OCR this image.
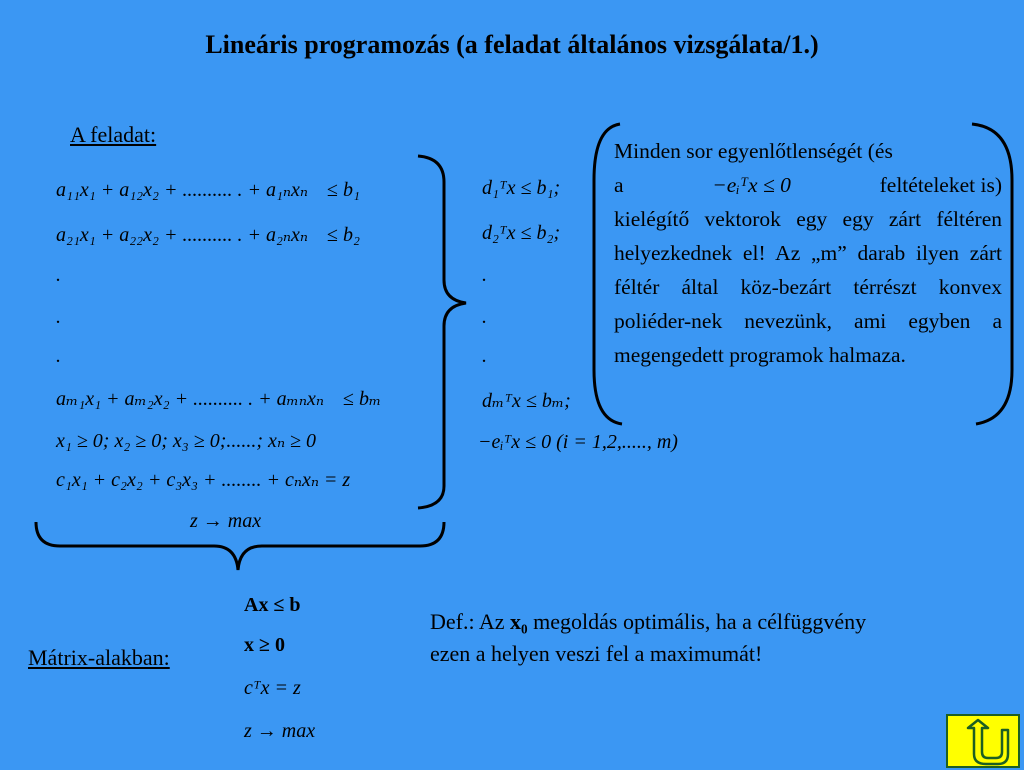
Lineáris programozás (a feladat általános vizsgálata/1.)
A feladat:
a₁₁x₁ + a₁₂x₂ + .......... . + a₁ₙxₙ ≤ b₁
a₂₁x₁ + a₂₂x₂ + .......... . + a₂ₙxₙ ≤ b₂
.
.
.
aₘ₁x₁ + aₘ₂x₂ + .......... . + aₘₙxₙ ≤ bₘ
x₁ ≥ 0; x₂ ≥ 0; x₃ ≥ 0;......; xₙ ≥ 0
c₁x₁ + c₂x₂ + c₃x₃ + ........ + cₙxₙ = z
z → max
d₁ᵀx ≤ b₁;
d₂ᵀx ≤ b₂;
.
.
.
dₘᵀx ≤ bₘ;
−eᵢᵀx ≤ 0 (i = 1,2,....., m)
Minden sor egyenlőtlenségét (és
a	−eᵢᵀx ≤ 0	feltételeket is)
kielégítő vektorok egy egy zárt féltéren helyezkednek el! Az „m” darab ilyen zárt féltér által köz-bezárt térrészt konvex poliéder-nek nevezünk, ami egyben a megengedett programok halmaza.
Mátrix-alakban:
Ax ≤ b
x ≥ 0
cᵀx = z
z → max
Def.: Az x₀ megoldás optimális, ha a célfüggvény ezen a helyen veszi fel a maximumát!
